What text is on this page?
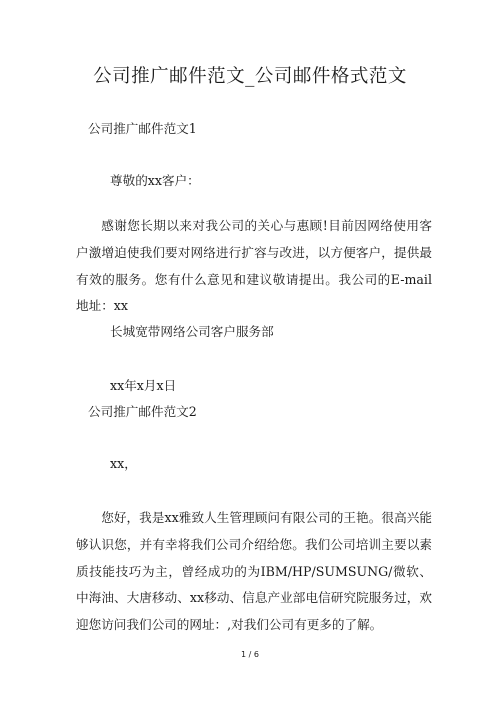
公司推广邮件范文_公司邮件格式范文
公司推广邮件范文1
尊敬的xx客户：

感谢您长期以来对我公司的关心与惠顾!目前因网络使用客户激增迫使我们要对网络进行扩容与改进，以方便客户，提供最有效的服务。您有什么意见和建议敬请提出。我公司的E-mail地址：xx

长城宽带网络公司客户服务部
xx年x月x日
公司推广邮件范文2
xx，

您好，我是xx雅致人生管理顾问有限公司的王艳。很高兴能够认识您，并有幸将我们公司介绍给您。我们公司培训主要以素质技能技巧为主，曾经成功的为IBM/HP/SUMSUNG/微软、中海油、大唐移动、xx移动、信息产业部电信研究院服务过，欢迎您访问我们公司的网址：,对我们公司有更多的了解。

1 / 6
